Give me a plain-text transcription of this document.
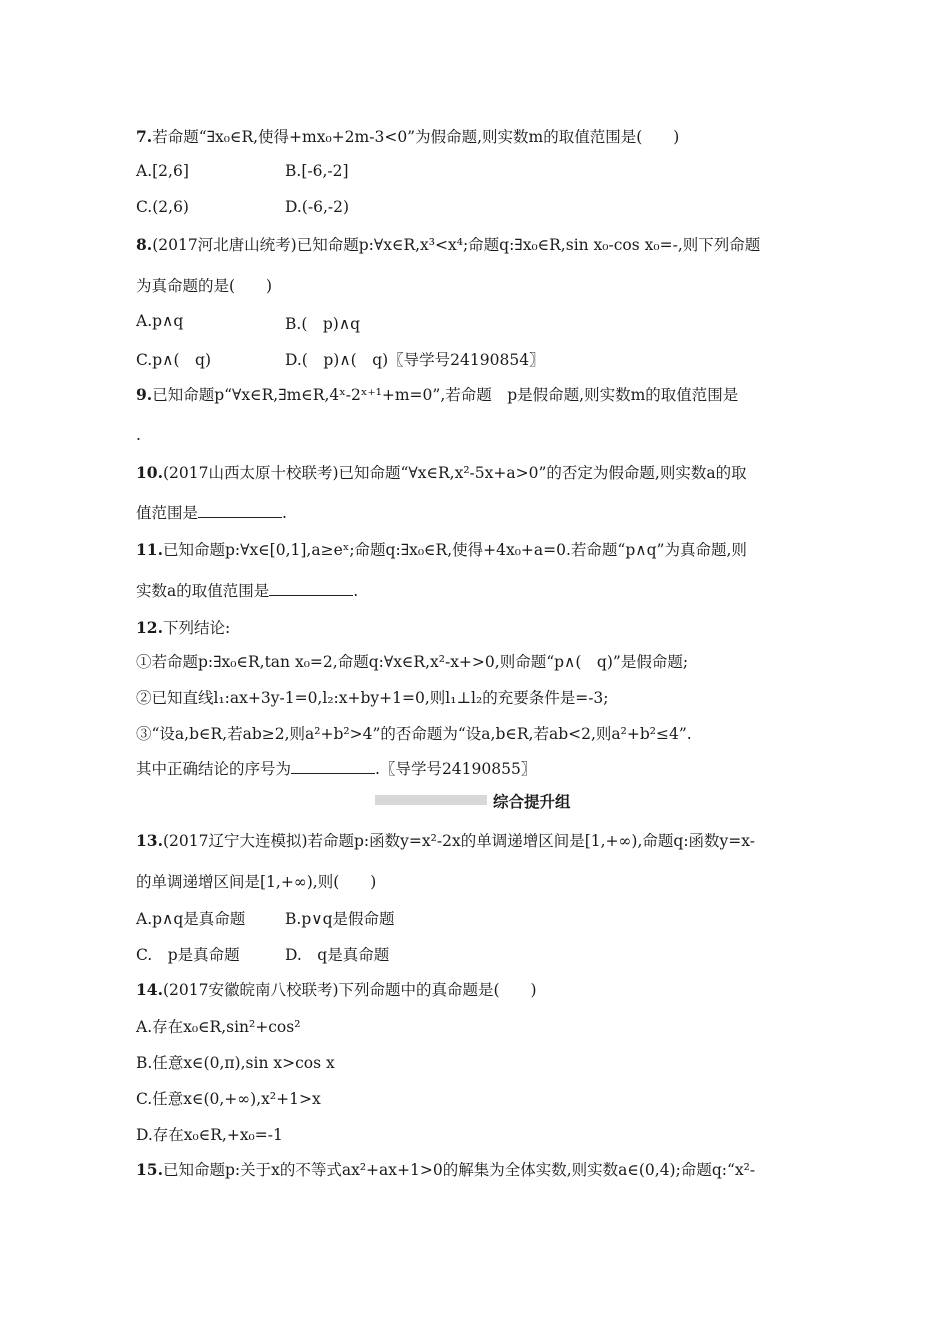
7.若命题“∃x₀∈R,使得+mx₀+2m-3<0”为假命题,则实数m的取值范围是(　　)
A.[2,6]	B.[-6,-2]
C.(2,6)	D.(-6,-2)
8.(2017河北唐山统考)已知命题p:∀x∈R,x³<x⁴;命题q:∃x₀∈R,sin x₀-cos x₀=-,则下列命题
为真命题的是(　　)
A.p∧q	B.(　p)∧q
C.p∧(　q)	D.(　p)∧(　q)〖导学号24190854〗
9.已知命题p“∀x∈R,∃m∈R,4ˣ-2ˣ⁺¹+m=0”,若命题　p是假命题,则实数m的取值范围是
.
10.(2017山西太原十校联考)已知命题“∀x∈R,x²-5x+a>0”的否定为假命题,则实数a的取
值范围是	.
11.已知命题p:∀x∈[0,1],a≥eˣ;命题q:∃x₀∈R,使得+4x₀+a=0.若命题“p∧q”为真命题,则
实数a的取值范围是	.
12.下列结论:
①若命题p:∃x₀∈R,tan x₀=2,命题q:∀x∈R,x²-x+>0,则命题“p∧(　q)”是假命题;
②已知直线l₁:ax+3y-1=0,l₂:x+by+1=0,则l₁⊥l₂的充要条件是=-3;
③“设a,b∈R,若ab≥2,则a²+b²>4”的否命题为“设a,b∈R,若ab<2,则a²+b²≤4”.
其中正确结论的序号为	.〖导学号24190855〗
综合提升组
13.(2017辽宁大连模拟)若命题p:函数y=x²-2x的单调递增区间是[1,+∞),命题q:函数y=x-
的单调递增区间是[1,+∞),则(　　)
A.p∧q是真命题	B.p∨q是假命题
C.　p是真命题	D.　q是真命题
14.(2017安徽皖南八校联考)下列命题中的真命题是(　　)
A.存在x₀∈R,sin²+cos²
B.任意x∈(0,π),sin x>cos x
C.任意x∈(0,+∞),x²+1>x
D.存在x₀∈R,+x₀=-1
15.已知命题p:关于x的不等式ax²+ax+1>0的解集为全体实数,则实数a∈(0,4);命题q:“x²-
